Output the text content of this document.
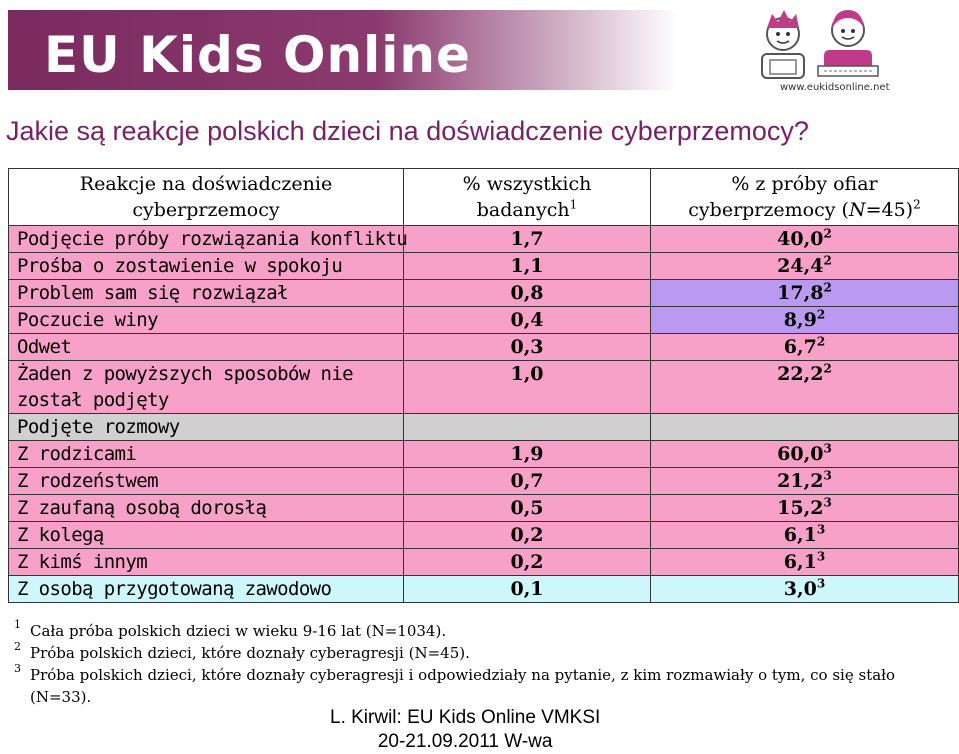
EU Kids Online
www.eukidsonline.net
Jakie są reakcje polskich dzieci na doświadczenie cyberprzemocy?
Reakcje na doświadczenie cyberprzemocy	% wszystkich badanych$^1$	% z próby ofiar cyberprzemocy (N=45)$^2$
Podjęcie próby rozwiązania konfliktu	1,7	40,0$^2$
Prośba o zostawienie w spokoju	1,1	24,4$^2$
Problem sam się rozwiązał	0,8	17,8$^2$
Poczucie winy	0,4	$8,9^2$
Odwet	0,3	$6,7^2$
Żaden z powyższych sposobów nie został podjęty	1,0	22,2$^2$
Podjęte rozmowy		
Z rodzicami	1,9	60,0$^3$
Z rodzeństwem	0,7	21,2$^3$
Z zaufaną osobą dorosłą	0,5	15,2$^3$
Z kolegą	0,2	$6,1^3$
Z kimś innym	0,2	$6,1^3$
Z osobą przygotowaną zawodowo	0,1	$3,0^3$
1 Cała próba polskich dzieci w wieku 9-16 lat (N=1034).
2 Próba polskich dzieci, które doznały cyberagresji (N=45).
3 Próba polskich dzieci, które doznały cyberagresji i odpowiedziały na pytanie, z kim rozmawiały o tym, co się stało (N=33).
L. Kirwil: EU Kids Online VMKSI
20-21.09.2011 W-wa
